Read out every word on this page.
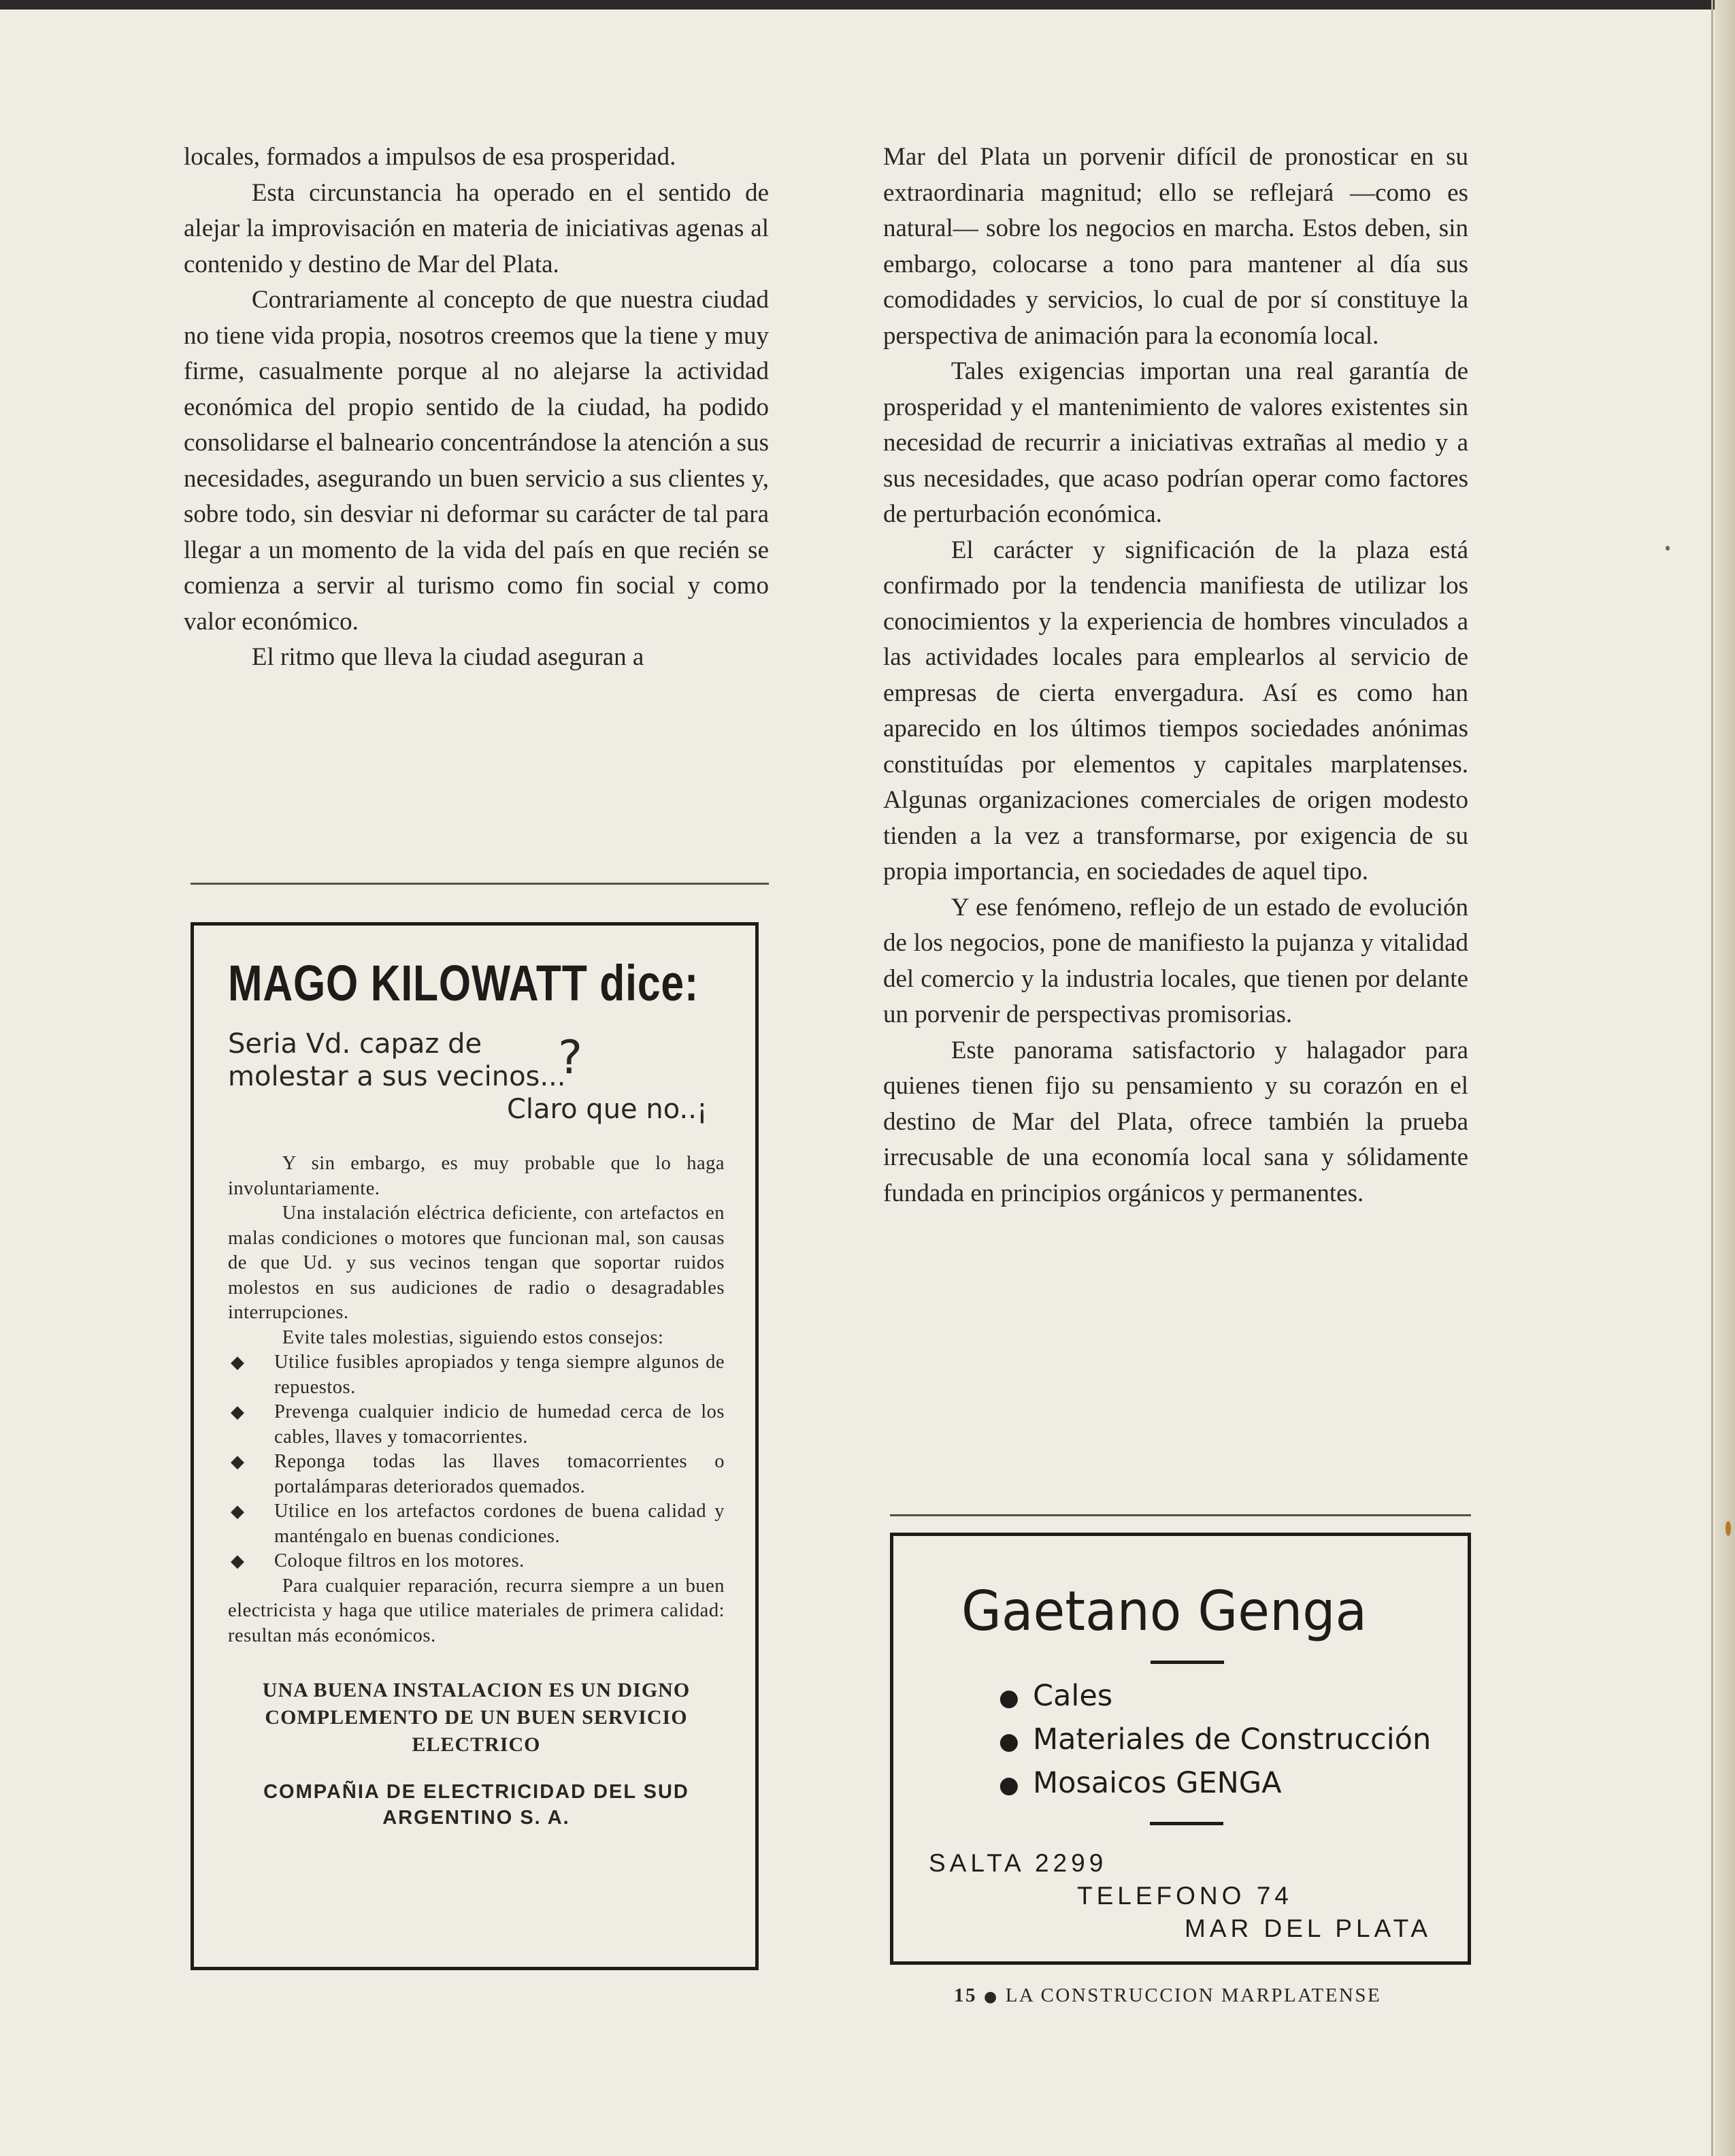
locales, formados a impulsos de esa prosperidad.

Esta circunstancia ha operado en el sentido de alejar la improvisación en materia de iniciativas agenas al contenido y destino de Mar del Plata.

Contrariamente al concepto de que nuestra ciudad no tiene vida propia, nosotros creemos que la tiene y muy firme, casualmente porque al no alejarse la actividad económica del propio sentido de la ciudad, ha podido consolidarse el balneario concentrándose la atención a sus necesidades, asegurando un buen servicio a sus clientes y, sobre todo, sin desviar ni deformar su carácter de tal para llegar a un momento de la vida del país en que recién se comienza a servir al turismo como fin social y como valor económico.

El ritmo que lleva la ciudad aseguran a

Mar del Plata un porvenir difícil de pronosticar en su extraordinaria magnitud; ello se reflejará —como es natural— sobre los negocios en marcha. Estos deben, sin embargo, colocarse a tono para mantener al día sus comodidades y servicios, lo cual de por sí constituye la perspectiva de animación para la economía local.

Tales exigencias importan una real garantía de prosperidad y el mantenimiento de valores existentes sin necesidad de recurrir a iniciativas extrañas al medio y a sus necesidades, que acaso podrían operar como factores de perturbación económica.

El carácter y significación de la plaza está confirmado por la tendencia manifiesta de utilizar los conocimientos y la experiencia de hombres vinculados a las actividades locales para emplearlos al servicio de empresas de cierta envergadura. Así es como han aparecido en los últimos tiempos sociedades anónimas constituídas por elementos y capitales marplatenses. Algunas organizaciones comerciales de origen modesto tienden a la vez a transformarse, por exigencia de su propia importancia, en sociedades de aquel tipo.

Y ese fenómeno, reflejo de un estado de evolución de los negocios, pone de manifiesto la pujanza y vitalidad del comercio y la industria locales, que tienen por delante un porvenir de perspectivas promisorias.

Este panorama satisfactorio y halagador para quienes tienen fijo su pensamiento y su corazón en el destino de Mar del Plata, ofrece también la prueba irrecusable de una economía local sana y sólidamente fundada en principios orgánicos y permanentes.

MAGO KILOWATT dice:
Seria Vd. capaz de
molestar a sus vecinos...
?
Claro que no..¡

Y sin embargo, es muy probable que lo haga involuntariamente.

Una instalación eléctrica deficiente, con artefactos en malas condiciones o motores que funcionan mal, son causas de que Ud. y sus vecinos tengan que soportar ruidos molestos en sus audiciones de radio o desagradables interrupciones.

Evite tales molestias, siguiendo estos consejos:

◆ Utilice fusibles apropiados y tenga siempre algunos de repuestos.
◆ Prevenga cualquier indicio de humedad cerca de los cables, llaves y tomacorrientes.
◆ Reponga todas las llaves tomacorrientes o portalámparas deteriorados quemados.
◆ Utilice en los artefactos cordones de buena calidad y manténgalo en buenas condiciones.
◆ Coloque filtros en los motores.

Para cualquier reparación, recurra siempre a un buen electricista y haga que utilice materiales de primera calidad: resultan más económicos.

UNA BUENA INSTALACION ES UN DIGNO COMPLEMENTO DE UN BUEN SERVICIO ELECTRICO
COMPAÑIA DE ELECTRICIDAD DEL SUD ARGENTINO S. A.
Gaetano Genga
● Cales
● Materiales de Construcción
● Mosaicos GENGA
SALTA 2299
TELEFONO 74
MAR DEL PLATA
15 ● LA CONSTRUCCION MARPLATENSE
